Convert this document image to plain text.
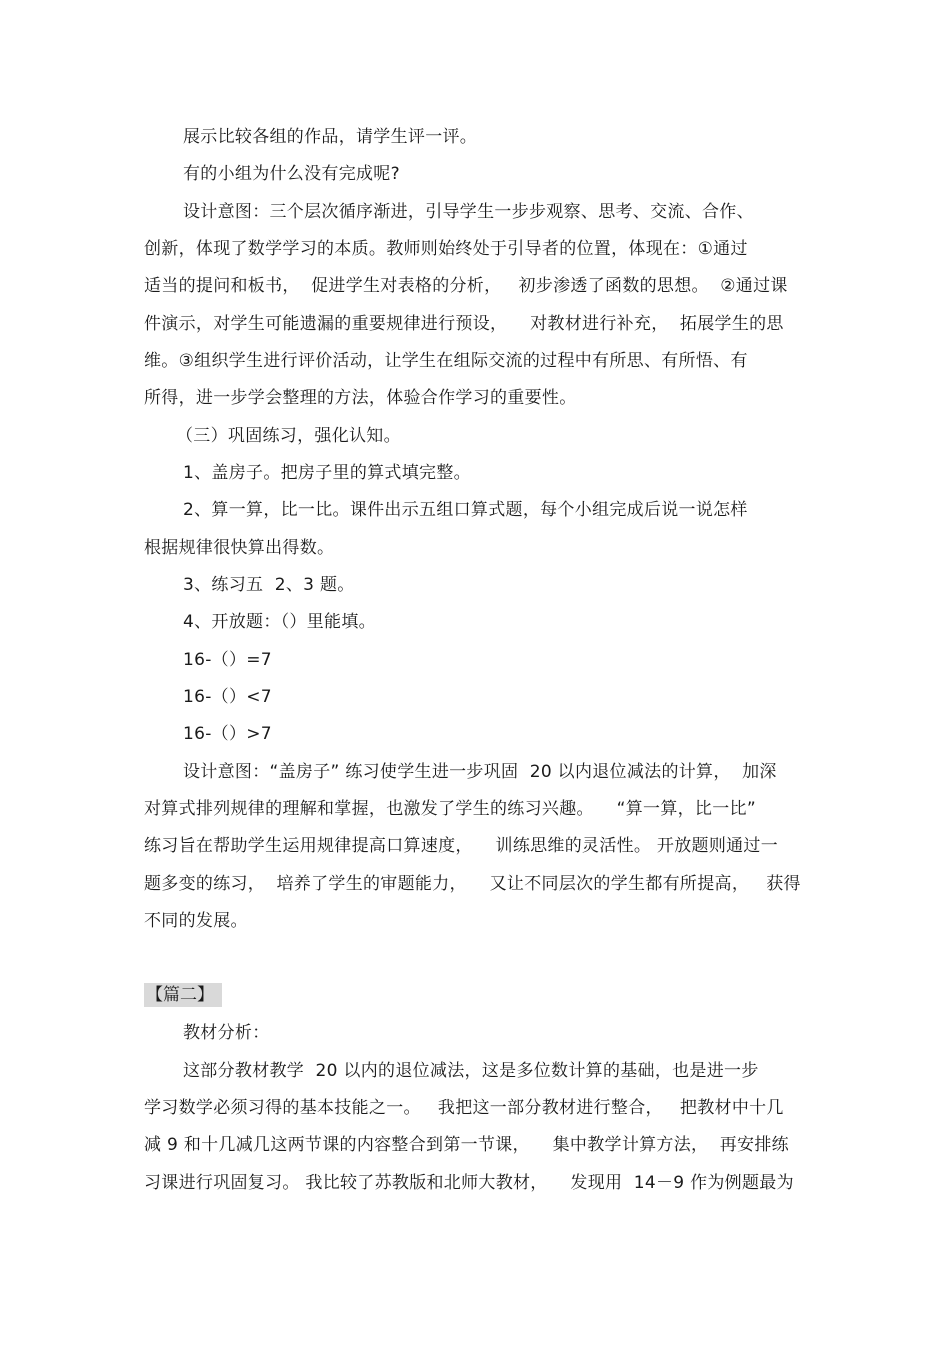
展示比较各组的作品，请学生评一评。
有的小组为什么没有完成呢?
设计意图：三个层次循序渐进，引导学生一步步观察、思考、交流、合作、
创新，体现了数学学习的本质。教师则始终处于引导者的位置，体现在：①通过
适当的提问和板书，  促进学生对表格的分析，   初步渗透了函数的思想。  ②通过课
件演示，对学生可能遗漏的重要规律进行预设，    对教材进行补充，  拓展学生的思
维。③组织学生进行评价活动，让学生在组际交流的过程中有所思、有所悟、有
所得，进一步学会整理的方法，体验合作学习的重要性。
（三）巩固练习，强化认知。
1、盖房子。把房子里的算式填完整。
2、算一算，比一比。课件出示五组口算式题，每个小组完成后说一说怎样
根据规律很快算出得数。
3、练习五  2、3 题。
4、开放题：（）里能填。
16-（）=7
16-（）<7
16-（）>7
设计意图：“盖房子” 练习使学生进一步巩固  20 以内退位减法的计算，  加深
对算式排列规律的理解和掌握，也激发了学生的练习兴趣。    “算一算，比一比”
练习旨在帮助学生运用规律提高口算速度，    训练思维的灵活性。 开放题则通过一
题多变的练习，  培养了学生的审题能力，    又让不同层次的学生都有所提高，   获得
不同的发展。
【篇二】
教材分析：
这部分教材教学  20 以内的退位减法，这是多位数计算的基础，也是进一步
学习数学必须习得的基本技能之一。   我把这一部分教材进行整合，   把教材中十几
减 9 和十几减几这两节课的内容整合到第一节课，    集中教学计算方法，  再安排练
习课进行巩固复习。 我比较了苏教版和北师大教材，    发现用  14－9 作为例题最为
